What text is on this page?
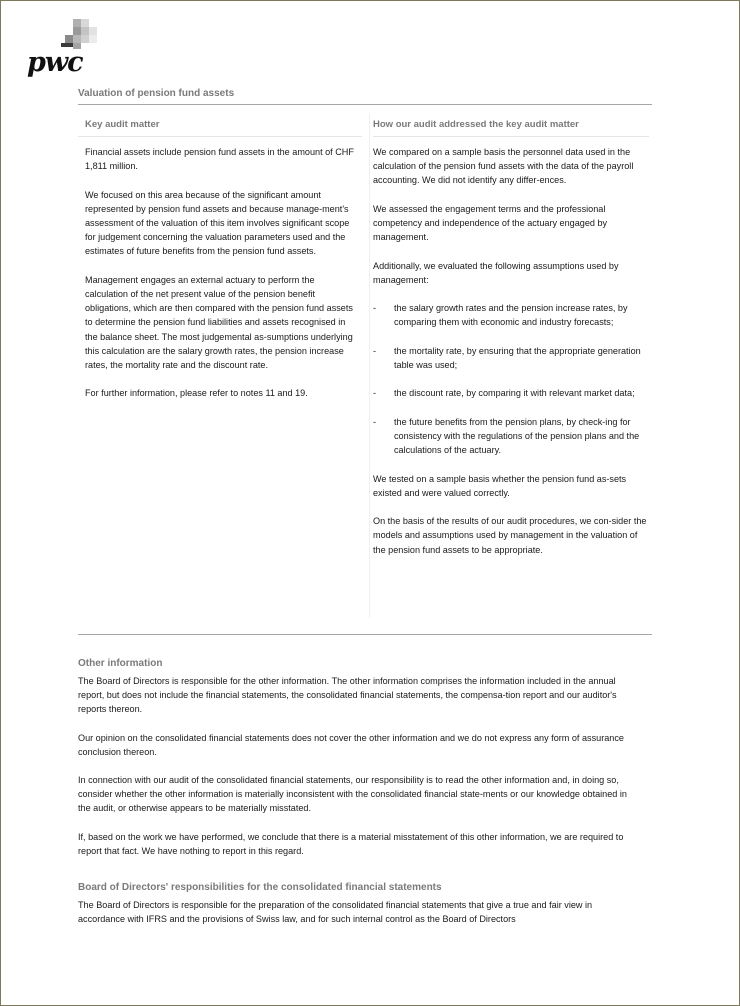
pwc
Valuation of pension fund assets
Key audit matter

Financial assets include pension fund assets in the amount of CHF 1,811 million.

We focused on this area because of the significant amount represented by pension fund assets and because manage-ment's assessment of the valuation of this item involves significant scope for judgement concerning the valuation parameters used and the estimates of future benefits from the pension fund assets.

Management engages an external actuary to perform the calculation of the net present value of the pension benefit obligations, which are then compared with the pension fund assets to determine the pension fund liabilities and assets recognised in the balance sheet. The most judgemental as-sumptions underlying this calculation are the salary growth rates, the pension increase rates, the mortality rate and the discount rate.

For further information, please refer to notes 11 and 19.

How our audit addressed the key audit matter

We compared on a sample basis the personnel data used in the calculation of the pension fund assets with the data of the payroll accounting. We did not identify any differ-ences.

We assessed the engagement terms and the professional competency and independence of the actuary engaged by management.

Additionally, we evaluated the following assumptions used by management:

- the salary growth rates and the pension increase rates, by comparing them with economic and industry forecasts;
- the mortality rate, by ensuring that the appropriate generation table was used;
- the discount rate, by comparing it with relevant market data;
- the future benefits from the pension plans, by check-ing for consistency with the regulations of the pension plans and the calculations of the actuary.

We tested on a sample basis whether the pension fund as-sets existed and were valued correctly.

On the basis of the results of our audit procedures, we con-sider the models and assumptions used by management in the valuation of the pension fund assets to be appropriate.

Other information

The Board of Directors is responsible for the other information. The other information comprises the information included in the annual report, but does not include the financial statements, the consolidated financial statements, the compensa-tion report and our auditor's reports thereon.

Our opinion on the consolidated financial statements does not cover the other information and we do not express any form of assurance conclusion thereon.

In connection with our audit of the consolidated financial statements, our responsibility is to read the other information and, in doing so, consider whether the other information is materially inconsistent with the consolidated financial state-ments or our knowledge obtained in the audit, or otherwise appears to be materially misstated.

If, based on the work we have performed, we conclude that there is a material misstatement of this other information, we are required to report that fact. We have nothing to report in this regard.

Board of Directors' responsibilities for the consolidated financial statements

The Board of Directors is responsible for the preparation of the consolidated financial statements that give a true and fair view in accordance with IFRS and the provisions of Swiss law, and for such internal control as the Board of Directors
